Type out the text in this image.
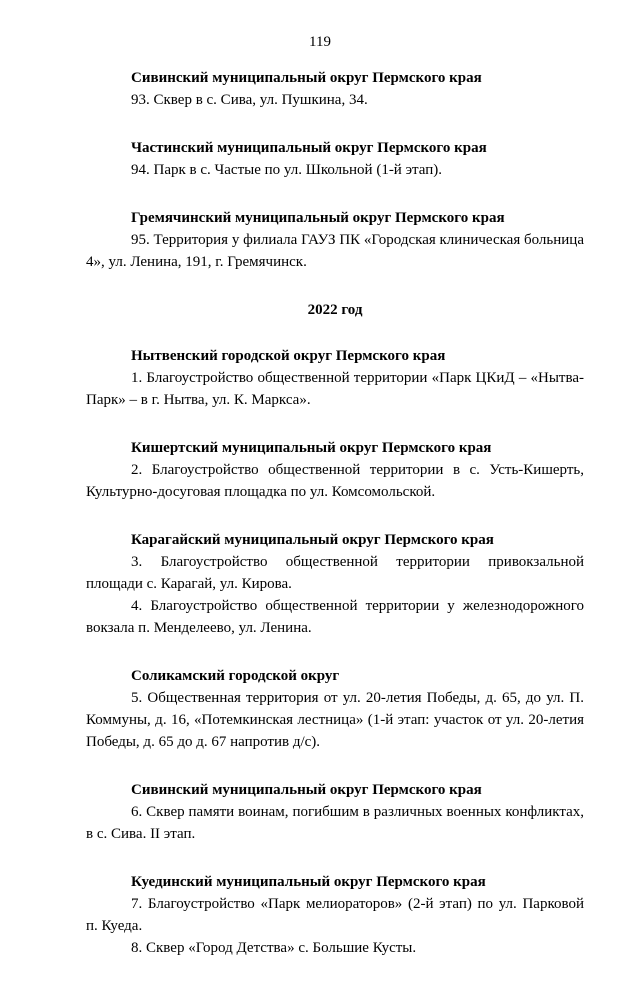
119
Сивинский муниципальный округ Пермского края
93. Сквер в с. Сива, ул. Пушкина, 34.
Частинский муниципальный округ Пермского края
94. Парк в с. Частые по ул. Школьной (1-й этап).
Гремячинский муниципальный округ Пермского края
95. Территория у филиала ГАУЗ ПК «Городская клиническая больница 4», ул. Ленина, 191, г. Гремячинск.
2022 год
Нытвенский городской округ Пермского края
1. Благоустройство общественной территории «Парк ЦКиД – «Нытва-Парк» – в г. Нытва, ул. К. Маркса».
Кишертский муниципальный округ Пермского края
2. Благоустройство общественной территории в с. Усть-Кишерть, Культурно-досуговая площадка по ул. Комсомольской.
Карагайский муниципальный округ Пермского края
3. Благоустройство общественной территории привокзальной площади с. Карагай, ул. Кирова.
4. Благоустройство общественной территории у железнодорожного вокзала п. Менделеево, ул. Ленина.
Соликамский городской округ
5. Общественная территория от ул. 20-летия Победы, д. 65, до ул. П. Коммуны, д. 16, «Потемкинская лестница» (1-й этап: участок от ул. 20-летия Победы, д. 65 до д. 67 напротив д/с).
Сивинский муниципальный округ Пермского края
6. Сквер памяти воинам, погибшим в различных военных конфликтах, в с. Сива. II этап.
Куединский муниципальный округ Пермского края
7. Благоустройство «Парк мелиораторов» (2-й этап) по ул. Парковой п. Куеда.
8. Сквер «Город Детства» с. Большие Кусты.
